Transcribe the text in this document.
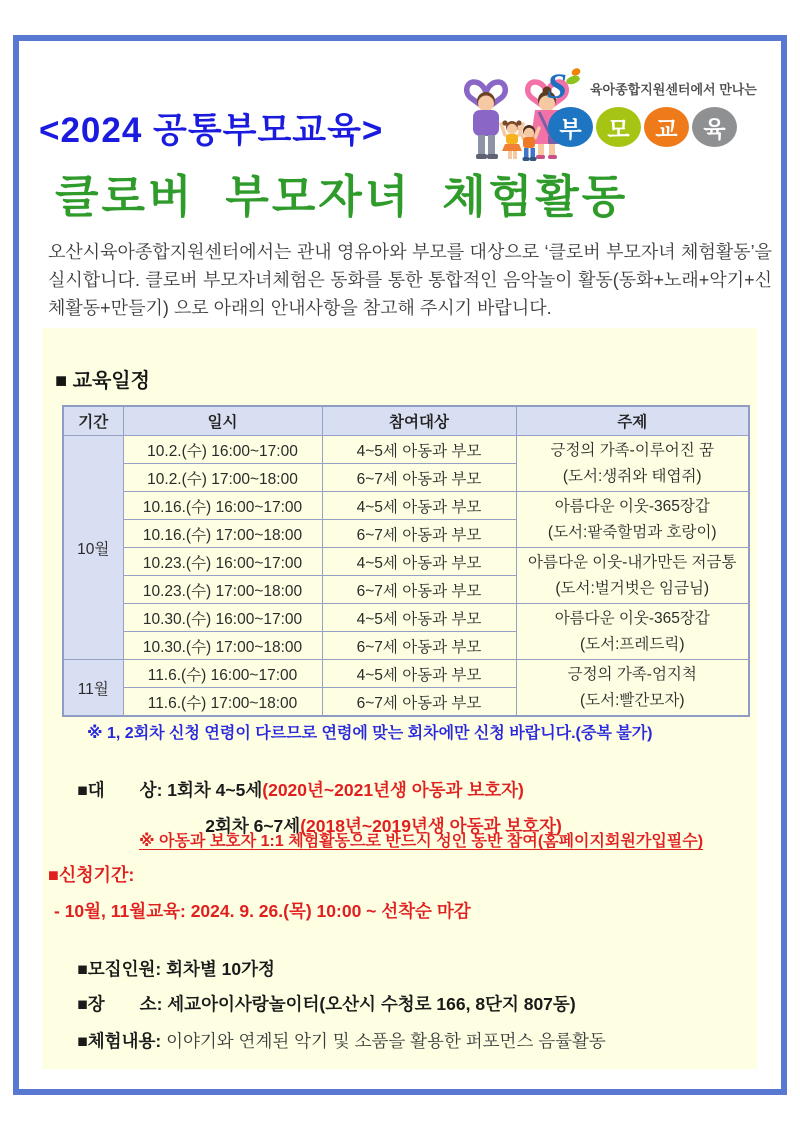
<2024 공통부모교육>
S 육아종합지원센터에서 만나는
부	모	교	육
클로버  부모자녀  체험활동

오산시육아종합지원센터에서는 관내 영유아와 부모를 대상으로 ‘클로버 부모자녀 체험활동’을 실시합니다. 클로버 부모자녀체험은 동화를 통한 통합적인 음악놀이 활동(동화+노래+악기+신체활동+만들기) 으로 아래의 안내사항을 참고해 주시기 바랍니다.

■ 교육일정
기간	일시	참여대상	주제
10월	10.2.(수) 16:00~17:00	4~5세 아동과 부모	긍정의 가족-이루어진 꿈
(도서:생쥐와 태엽쥐)

	10.2.(수) 17:00~18:00	6~7세 아동과 부모	
	10.16.(수) 16:00~17:00	4~5세 아동과 부모	아름다운 이웃-365장갑
(도서:팥죽할멈과 호랑이)

	10.16.(수) 17:00~18:00	6~7세 아동과 부모	
	10.23.(수) 16:00~17:00	4~5세 아동과 부모	아름다운 이웃-내가만든 저금통
(도서:벌거벗은 임금님)

	10.23.(수) 17:00~18:00	6~7세 아동과 부모	
	10.30.(수) 16:00~17:00	4~5세 아동과 부모	아름다운 이웃-365장갑
(도서:프레드릭)

	10.30.(수) 17:00~18:00	6~7세 아동과 부모	
11월	11.6.(수) 16:00~17:00	4~5세 아동과 부모	긍정의 가족-엄지척
(도서:빨간모자)

	11.6.(수) 17:00~18:00	6~7세 아동과 부모	
※ 1, 2회차 신청 연령이 다르므로 연령에 맞는 회차에만 신청 바랍니다.(중복 불가)

■대　　상: 1회차 4~5세(2020년~2021년생 아동과 보호자)

2회차 6~7세(2018년~2019년생 아동과 보호자)

※ 아동과 보호자 1:1 체험활동으로 반드시 성인 동반 참여(홈페이지회원가입필수)
■신청기간:
- 10월, 11월교육: 2024. 9. 26.(목) 10:00 ~ 선착순 마감

■모집인원: 회차별 10가정

■장　　소: 세교아이사랑놀이터(오산시 수청로 166, 8단지 807동)

■체험내용: 이야기와 연계된 악기 및 소품을 활용한 퍼포먼스 음률활동
